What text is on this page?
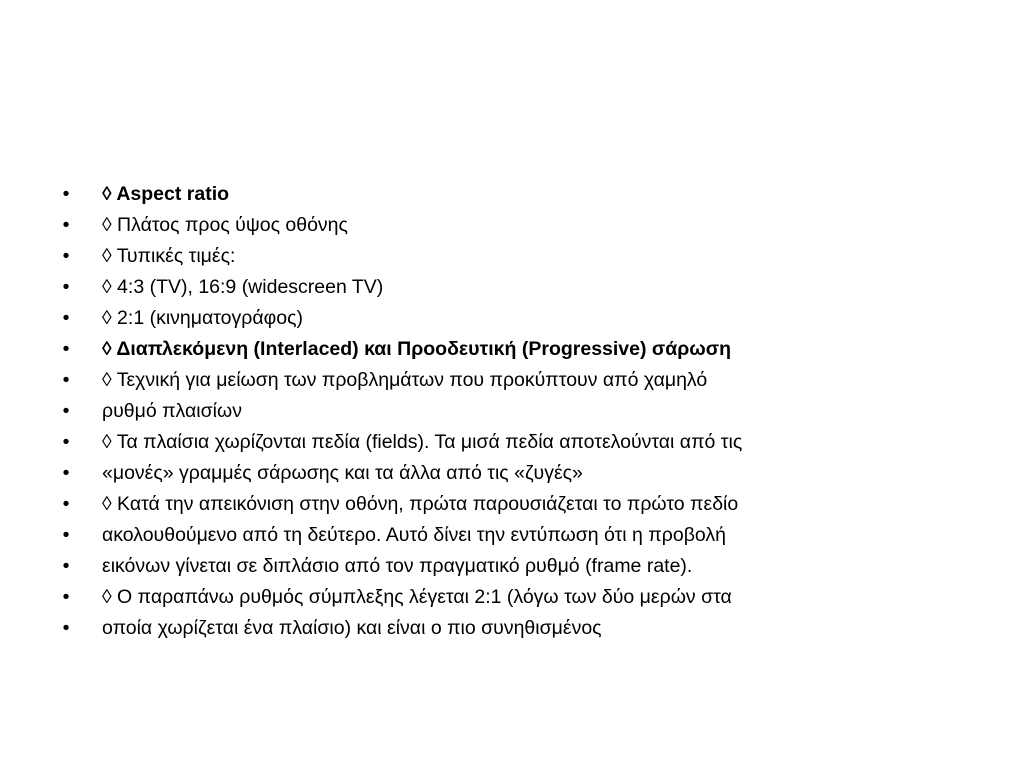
• ◊ Aspect ratio
• ◊ Πλάτος προς ύψος οθόνης
• ◊ Τυπικές τιμές:
• ◊ 4:3 (TV), 16:9 (widescreen TV)
• ◊ 2:1 (κινηματογράφος)
• ◊ Διαπλεκόμενη (Interlaced) και Προοδευτική (Progressive) σάρωση
• ◊ Τεχνική για μείωση των προβλημάτων που προκύπτουν από χαμηλό
• ρυθμό πλαισίων
• ◊ Τα πλαίσια χωρίζονται πεδία (fields). Τα μισά πεδία αποτελούνται από τις
• «μονές» γραμμές σάρωσης και τα άλλα από τις «ζυγές»
• ◊ Κατά την απεικόνιση στην οθόνη, πρώτα παρουσιάζεται το πρώτο πεδίο
• ακολουθούμενο από τη δεύτερο. Αυτό δίνει την εντύπωση ότι η προβολή
• εικόνων γίνεται σε διπλάσιο από τον πραγματικό ρυθμό (frame rate).
• ◊ Ο παραπάνω ρυθμός σύμπλεξης λέγεται 2:1 (λόγω των δύο μερών στα
• οποία χωρίζεται ένα πλαίσιο) και είναι ο πιο συνηθισμένος
